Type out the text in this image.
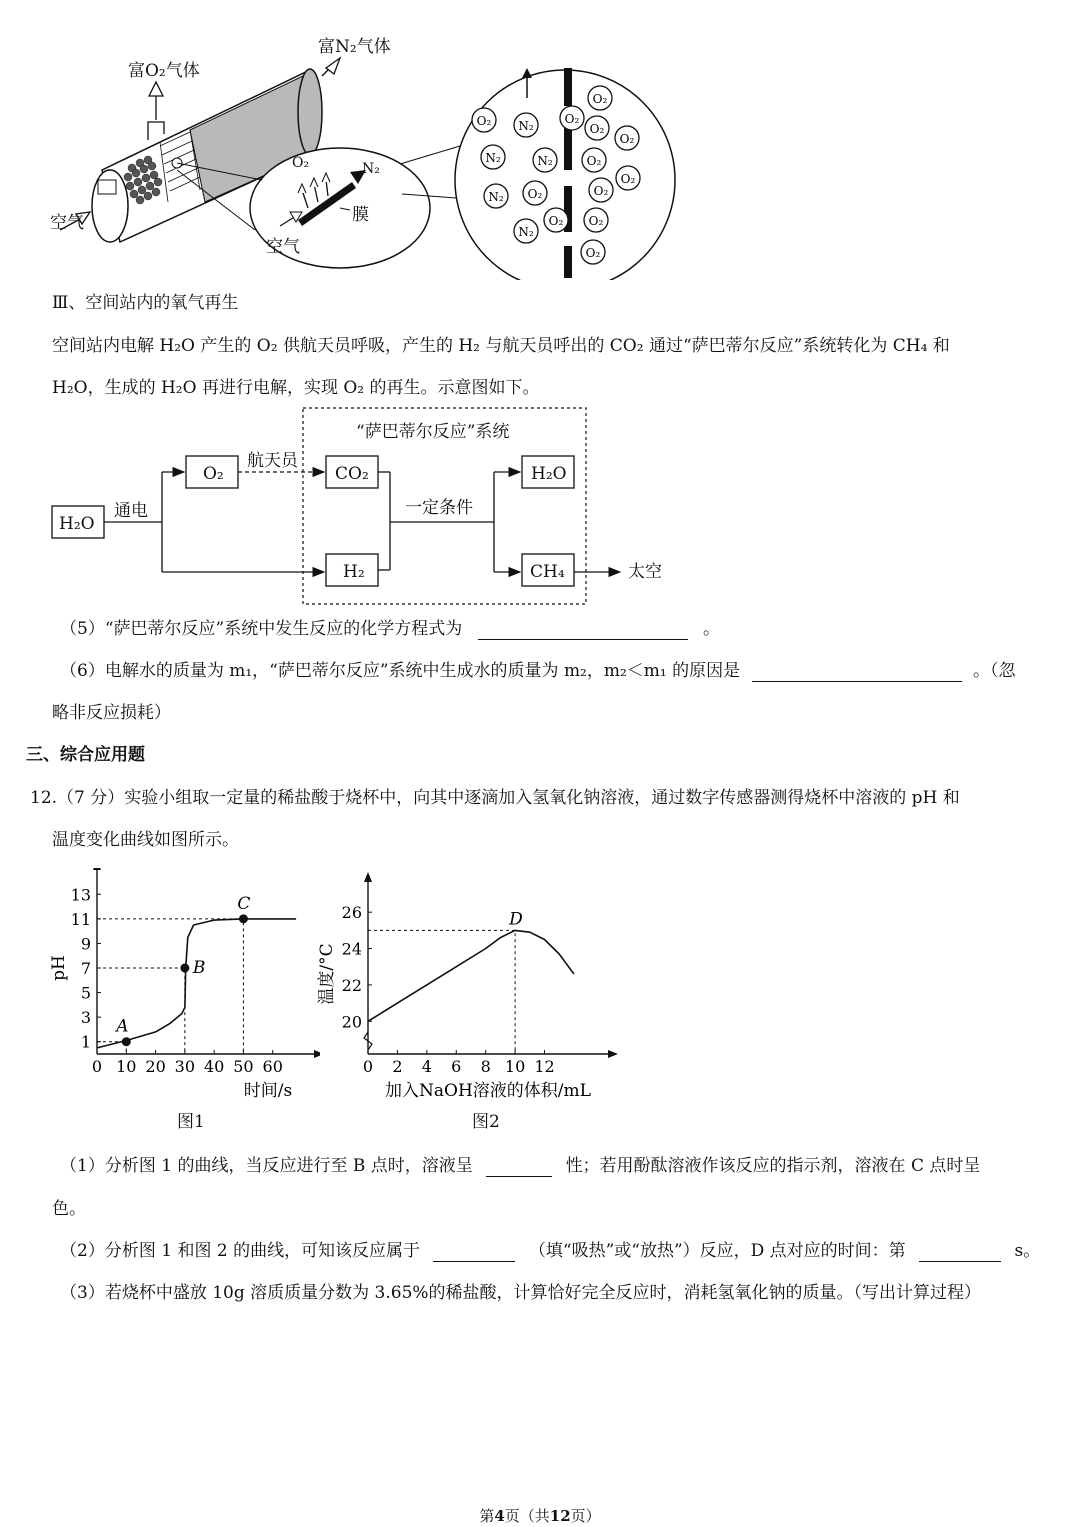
O₂ N₂
N₂	N₂
N₂ O₂
N₂
O₂
O₂
O₂
O₂
O₂
O₂
O₂
O₂
O₂
O₂
富O₂气体
富N₂气体
空气
空气
膜
O₂	N₂
Ⅲ、空间站内的氧气再生
空间站内电解 H₂O 产生的 O₂ 供航天员呼吸，产生的 H₂ 与航天员呼出的 CO₂ 通过“萨巴蒂尔反应”系统转化为 CH₄ 和
H₂O，生成的 H₂O 再进行电解，实现 O₂ 的再生。示意图如下。
“萨巴蒂尔反应”系统
H₂O
通电
O₂
航天员
CO₂
H₂
一定条件
H₂O
CH₄	太空
（5）“萨巴蒂尔反应”系统中发生反应的化学方程式为	。
（6）电解水的质量为 m₁，“萨巴蒂尔反应”系统中生成水的质量为 m₂，m₂＜m₁ 的原因是	。（忽
略非反应损耗）
三、综合应用题
12.（7 分）实验小组取一定量的稀盐酸于烧杯中，向其中逐滴加入氢氧化钠溶液，通过数字传感器测得烧杯中溶液的 pH 和
温度变化曲线如图所示。
0 10 20 30 40 50 60
1
3
5
7
9
11
13
时间/s
pH
A
B
C
0 2 4 6 8 10 12
20
22
24
26
加入NaOH溶液的体积/mL
温度/°C
D
图1	图2
（1）分析图 1 的曲线，当反应进行至 B 点时，溶液呈	性；若用酚酞溶液作该反应的指示剂，溶液在 C 点时呈
色。
（2）分析图 1 和图 2 的曲线，可知该反应属于	（填“吸热”或“放热”）反应，D 点对应的时间：第	s。
（3）若烧杯中盛放 10g 溶质质量分数为 3.65%的稀盐酸，计算恰好完全反应时，消耗氢氧化钠的质量。（写出计算过程）
第4页（共12页）
